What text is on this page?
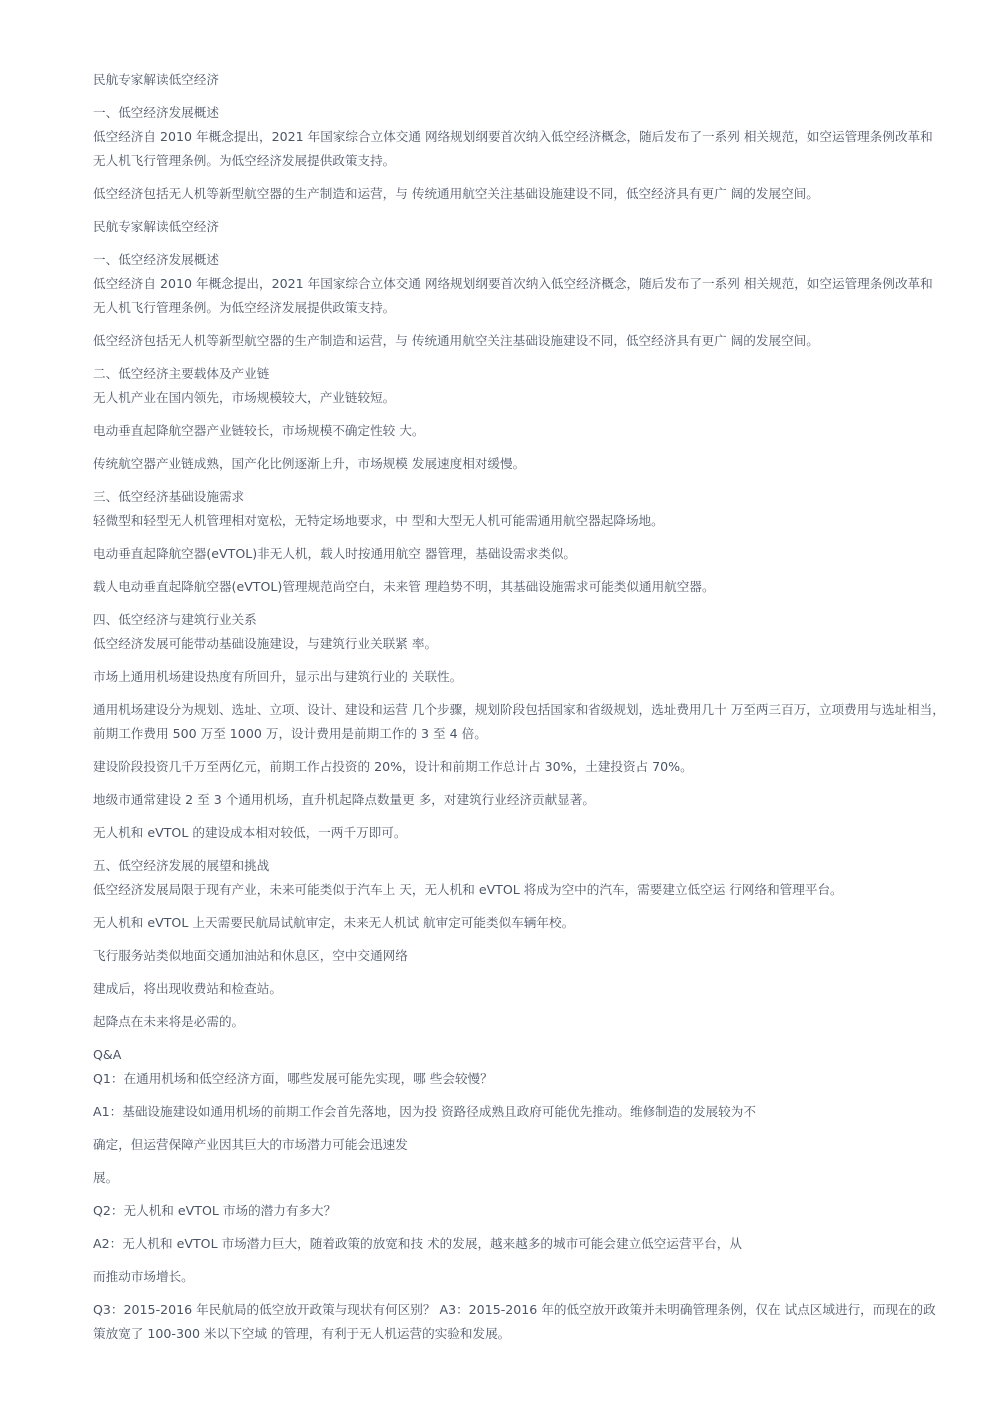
民航专家解读低空经济

一、低空经济发展概述

低空经济自 2010 年概念提出，2021 年国家综合立体交通 网络规划纲要首次纳入低空经济概念，随后发布了一系列 相关规范，如空运管理条例改革和无人机飞行管理条例。为低空经济发展提供政策支持。

低空经济包括无人机等新型航空器的生产制造和运营，与 传统通用航空关注基础设施建设不同，低空经济具有更广 阔的发展空间。

民航专家解读低空经济

一、低空经济发展概述

低空经济自 2010 年概念提出，2021 年国家综合立体交通 网络规划纲要首次纳入低空经济概念，随后发布了一系列 相关规范，如空运管理条例改革和无人机飞行管理条例。为低空经济发展提供政策支持。

低空经济包括无人机等新型航空器的生产制造和运营，与 传统通用航空关注基础设施建设不同，低空经济具有更广 阔的发展空间。

二、低空经济主要载体及产业链

无人机产业在国内领先，市场规模较大，产业链较短。

电动垂直起降航空器产业链较长，市场规模不确定性较 大。

传统航空器产业链成熟，国产化比例逐渐上升，市场规模 发展速度相对缓慢。

三、低空经济基础设施需求

轻微型和轻型无人机管理相对宽松，无特定场地要求，中 型和大型无人机可能需通用航空器起降场地。

电动垂直起降航空器(eVTOL)非无人机，载人时按通用航空 器管理，基础设需求类似。

载人电动垂直起降航空器(eVTOL)管理规范尚空白，未来管 理趋势不明，其基础设施需求可能类似通用航空器。

四、低空经济与建筑行业关系

低空经济发展可能带动基础设施建设，与建筑行业关联紧 率。

市场上通用机场建设热度有所回升，显示出与建筑行业的 关联性。

通用机场建设分为规划、选址、立项、设计、建设和运营 几个步骤，规划阶段包括国家和省级规划，选址费用几十 万至两三百万，立项费用与选址相当，前期工作费用 500 万至 1000 万，设计费用是前期工作的 3 至 4 倍。

建设阶段投资几千万至两亿元，前期工作占投资的 20%，设计和前期工作总计占 30%，土建投资占 70%。

地级市通常建设 2 至 3 个通用机场，直升机起降点数量更 多，对建筑行业经济贡献显著。

无人机和 eVTOL 的建设成本相对较低，一两千万即可。

五、低空经济发展的展望和挑战

低空经济发展局限于现有产业，未来可能类似于汽车上 天，无人机和 eVTOL 将成为空中的汽车，需要建立低空运 行网络和管理平台。

无人机和 eVTOL 上天需要民航局试航审定，未来无人机试 航审定可能类似车辆年校。

飞行服务站类似地面交通加油站和休息区，空中交通网络

建成后，将出现收费站和检查站。

起降点在未来将是必需的。

Q&A

Q1：在通用机场和低空经济方面，哪些发展可能先实现，哪 些会较慢？

A1：基础设施建设如通用机场的前期工作会首先落地，因为投 资路径成熟且政府可能优先推动。维修制造的发展较为不

确定，但运营保障产业因其巨大的市场潜力可能会迅速发

展。

Q2：无人机和 eVTOL 市场的潜力有多大？

A2：无人机和 eVTOL 市场潜力巨大，随着政策的放宽和技 术的发展，越来越多的城市可能会建立低空运营平台，从

而推动市场增长。

Q3：2015-2016 年民航局的低空放开政策与现状有何区别？ A3：2015-2016 年的低空放开政策并未明确管理条例，仅在 试点区域进行，而现在的政策放宽了 100-300 米以下空域 的管理，有利于无人机运营的实验和发展。
